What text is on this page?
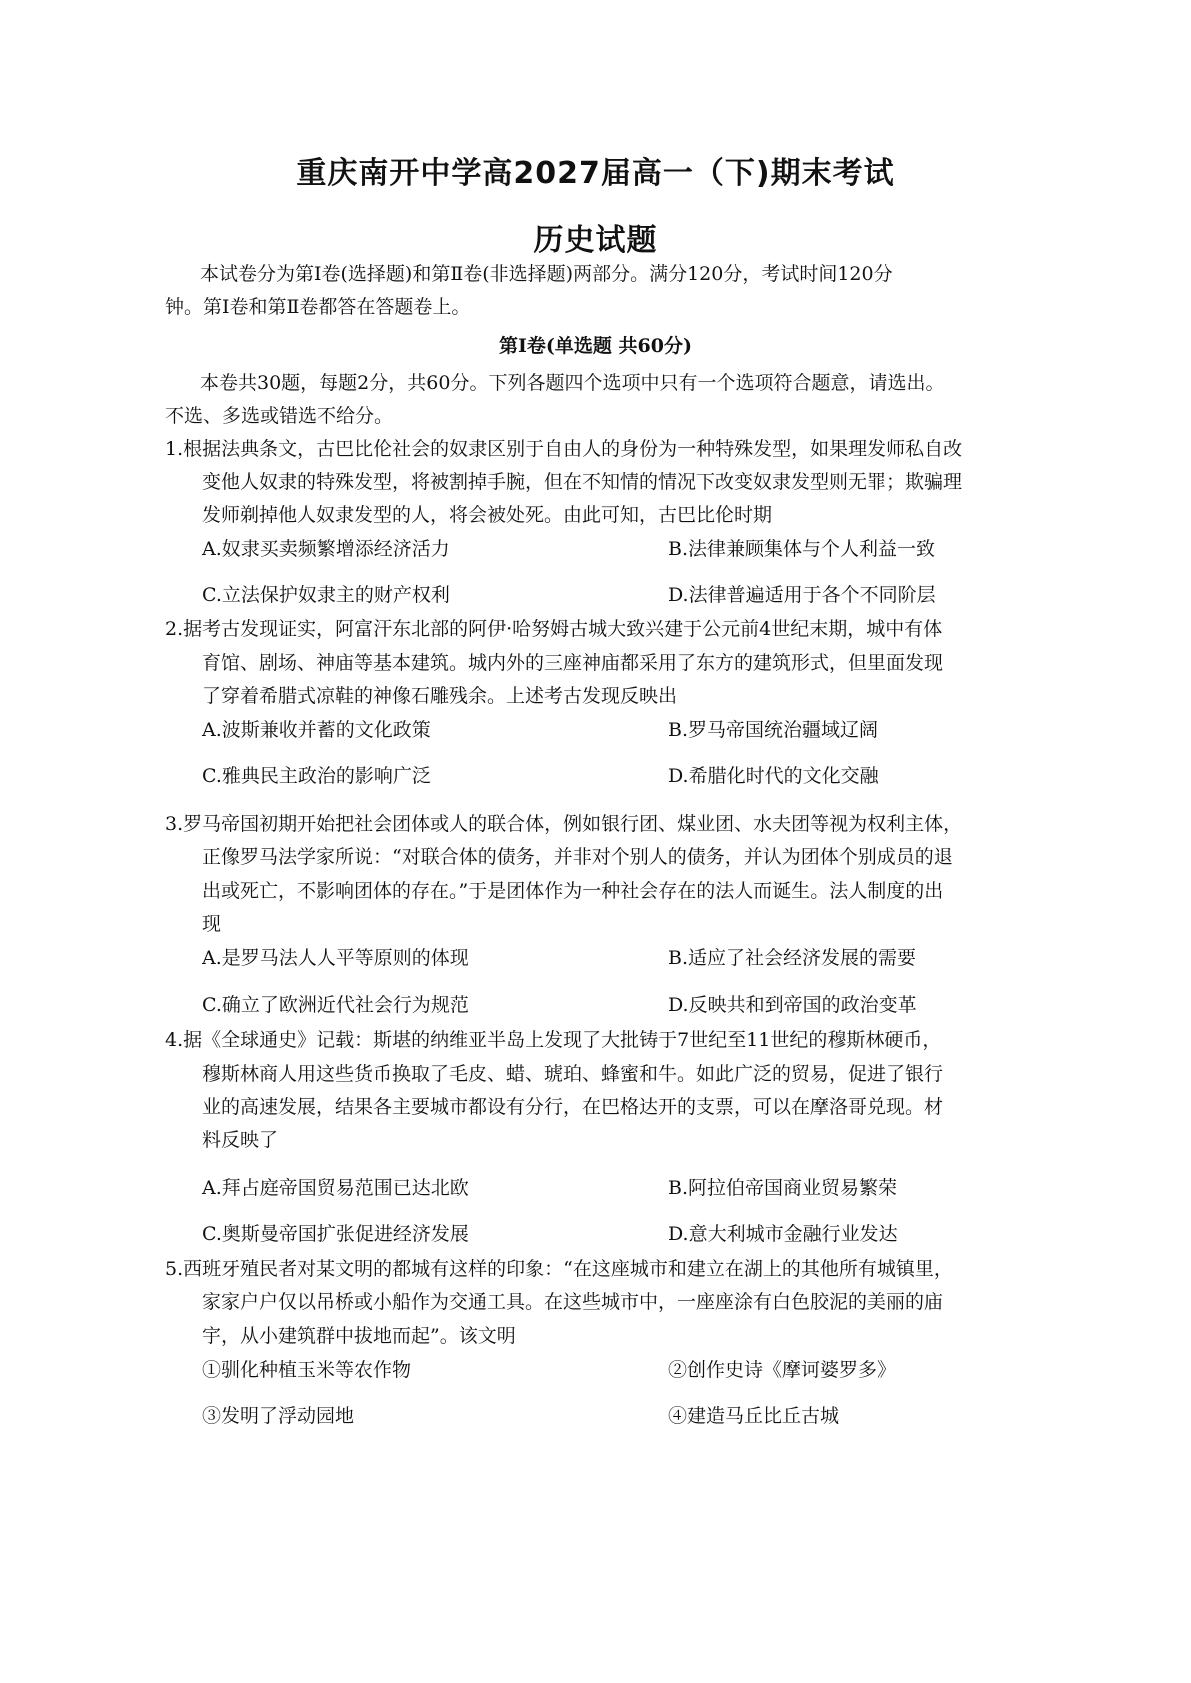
重庆南开中学高2027届高一（下)期末考试
历史试题
本试卷分为第Ⅰ卷(选择题)和第Ⅱ卷(非选择题)两部分。满分120分，考试时间120分
钟。第Ⅰ卷和第Ⅱ卷都答在答题卷上。
第Ⅰ卷(单选题 共60分)
本卷共30题，每题2分，共60分。下列各题四个选项中只有一个选项符合题意，请选出。
不选、多选或错选不给分。
1.根据法典条文，古巴比伦社会的奴隶区别于自由人的身份为一种特殊发型，如果理发师私自改
变他人奴隶的特殊发型，将被割掉手腕，但在不知情的情况下改变奴隶发型则无罪；欺骗理
发师剃掉他人奴隶发型的人，将会被处死。由此可知，古巴比伦时期
A.奴隶买卖频繁增添经济活力	B.法律兼顾集体与个人利益一致
C.立法保护奴隶主的财产权利	D.法律普遍适用于各个不同阶层
2.据考古发现证实，阿富汗东北部的阿伊·哈努姆古城大致兴建于公元前4世纪末期，城中有体
育馆、剧场、神庙等基本建筑。城内外的三座神庙都采用了东方的建筑形式，但里面发现
了穿着希腊式凉鞋的神像石雕残余。上述考古发现反映出
A.波斯兼收并蓄的文化政策	B.罗马帝国统治疆域辽阔
C.雅典民主政治的影响广泛	D.希腊化时代的文化交融
3.罗马帝国初期开始把社会团体或人的联合体，例如银行团、煤业团、水夫团等视为权利主体，
正像罗马法学家所说：“对联合体的债务，并非对个别人的债务，并认为团体个别成员的退
出或死亡，不影响团体的存在。”于是团体作为一种社会存在的法人而诞生。法人制度的出
现
A.是罗马法人人平等原则的体现	B.适应了社会经济发展的需要
C.确立了欧洲近代社会行为规范	D.反映共和到帝国的政治变革
4.据《全球通史》记载：斯堪的纳维亚半岛上发现了大批铸于7世纪至11世纪的穆斯林硬币，
穆斯林商人用这些货币换取了毛皮、蜡、琥珀、蜂蜜和牛。如此广泛的贸易，促进了银行
业的高速发展，结果各主要城市都设有分行，在巴格达开的支票，可以在摩洛哥兑现。材
料反映了
A.拜占庭帝国贸易范围已达北欧	B.阿拉伯帝国商业贸易繁荣
C.奥斯曼帝国扩张促进经济发展	D.意大利城市金融行业发达
5.西班牙殖民者对某文明的都城有这样的印象：“在这座城市和建立在湖上的其他所有城镇里，
家家户户仅以吊桥或小船作为交通工具。在这些城市中，一座座涂有白色胶泥的美丽的庙
宇，从小建筑群中拔地而起”。该文明
①驯化种植玉米等农作物	②创作史诗《摩诃婆罗多》
③发明了浮动园地	④建造马丘比丘古城
